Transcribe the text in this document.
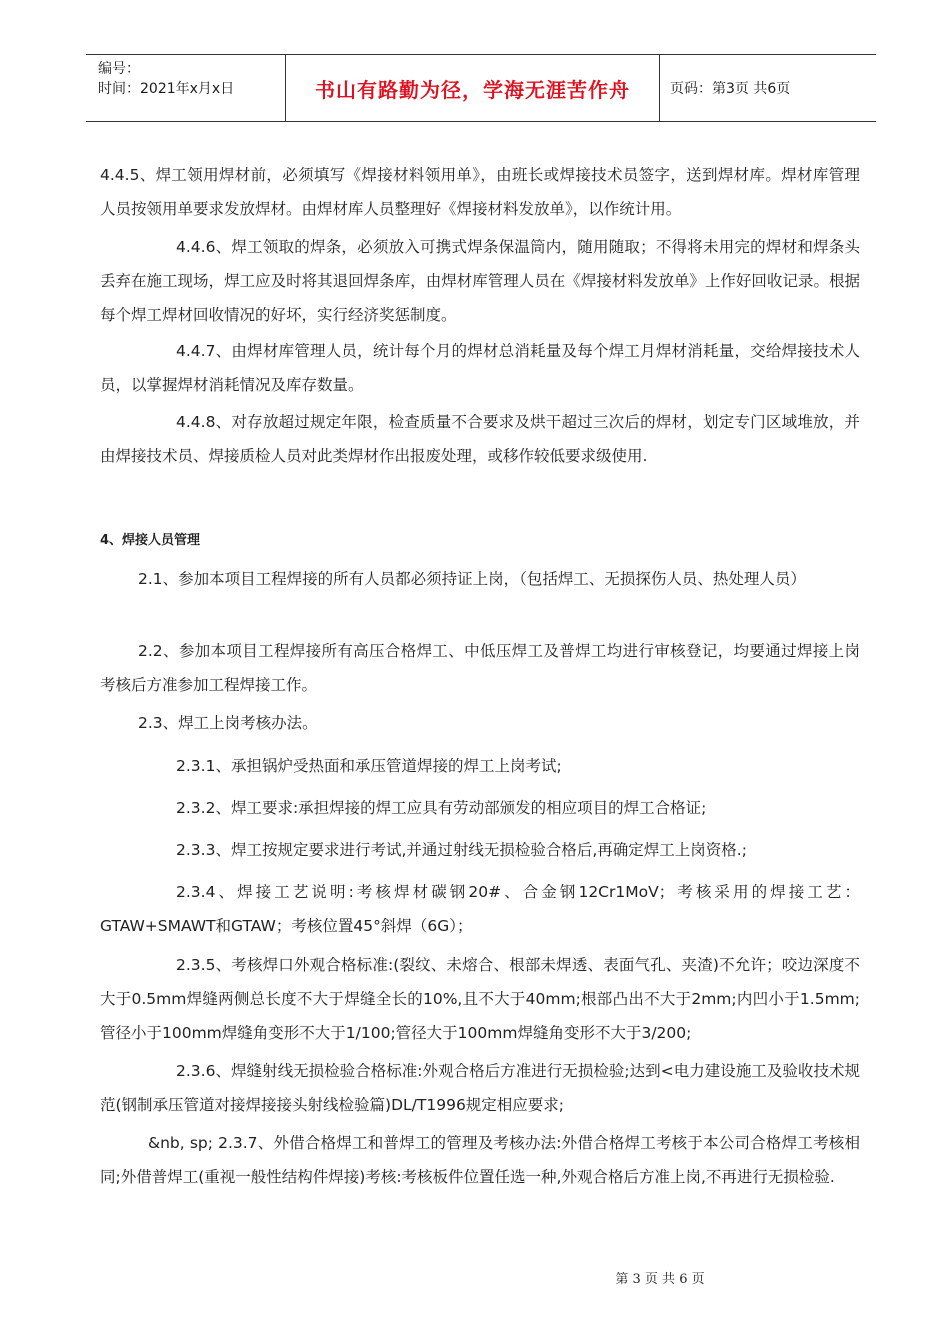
编号：
时间：2021年x月x日	书山有路勤为径，学海无涯苦作舟	页码：第3页 共6页

4.4.5、焊工领用焊材前，必须填写《焊接材料领用单》，由班长或焊接技术员签字，送到焊材库。焊材库管理人员按领用单要求发放焊材。由焊材库人员整理好《焊接材料发放单》，以作统计用。

4.4.6、焊工领取的焊条，必须放入可携式焊条保温筒内，随用随取；不得将未用完的焊材和焊条头丢弃在施工现场，焊工应及时将其退回焊条库，由焊材库管理人员在《焊接材料发放单》上作好回收记录。根据每个焊工焊材回收情况的好坏，实行经济奖惩制度。

4.4.7、由焊材库管理人员，统计每个月的焊材总消耗量及每个焊工月焊材消耗量，交给焊接技术人员，以掌握焊材消耗情况及库存数量。

4.4.8、对存放超过规定年限，检查质量不合要求及烘干超过三次后的焊材，划定专门区域堆放，并由焊接技术员、焊接质检人员对此类焊材作出报废处理，或移作较低要求级使用.

4、焊接人员管理

2.1、参加本项目工程焊接的所有人员都必须持证上岗，（包括焊工、无损探伤人员、热处理人员）

2.2、参加本项目工程焊接所有高压合格焊工、中低压焊工及普焊工均进行审核登记，均要通过焊接上岗考核后方准参加工程焊接工作。

2.3、焊工上岗考核办法。

2.3.1、承担锅炉受热面和承压管道焊接的焊工上岗考试;

2.3.2、焊工要求:承担焊接的焊工应具有劳动部颁发的相应项目的焊工合格证;

2.3.3、焊工按规定要求进行考试,并通过射线无损检验合格后,再确定焊工上岗资格.;

2.3.4、焊接工艺说明:考核焊材碳钢20#、合金钢12Cr1MoV；考核采用的焊接工艺：GTAW+SMAWT和GTAW；考核位置45°斜焊（6G）；

2.3.5、考核焊口外观合格标准:(裂纹、未熔合、根部未焊透、表面气孔、夹渣)不允许；咬边深度不大于0.5mm焊缝两侧总长度不大于焊缝全长的10%,且不大于40mm;根部凸出不大于2mm;内凹小于1.5mm;管径小于100mm焊缝角变形不大于1/100;管径大于100mm焊缝角变形不大于3/200;

2.3.6、焊缝射线无损检验合格标准:外观合格后方准进行无损检验;达到<电力建设施工及验收技术规范(钢制承压管道对接焊接接头射线检验篇)DL/T1996规定相应要求;

&nb, sp; 2.3.7、外借合格焊工和普焊工的管理及考核办法:外借合格焊工考核于本公司合格焊工考核相同;外借普焊工(重视一般性结构件焊接)考核:考核板件位置任选一种,外观合格后方准上岗,不再进行无损检验.

第 3 页 共 6 页
